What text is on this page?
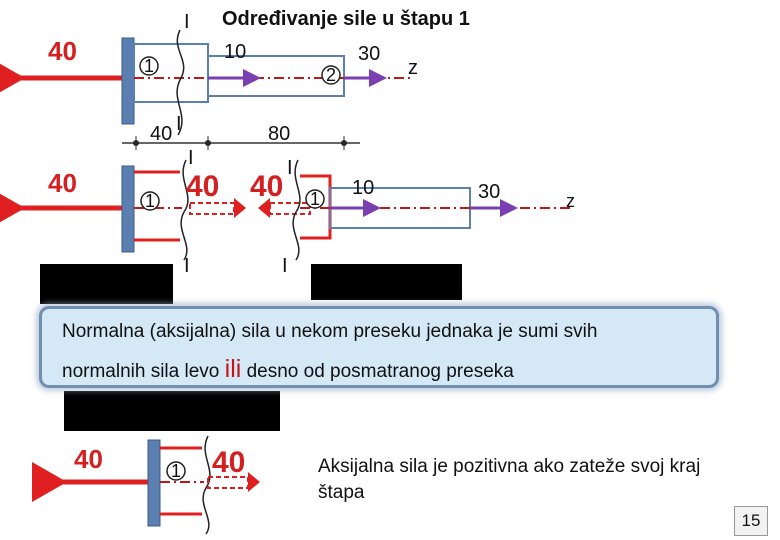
Određivanje sile u štapu 1
40
I
1	2
10	30
z
40 I	80
40
I
I
1 40 40
I
I
1 10	30	z
Normalna (aksijalna) sila u nekom preseku jednaka je sumi svih
normalnih sila levo ili desno od posmatranog preseka
40	1 40	Aksijalna sila je pozitivna ako zateže svoj kraj štapa
15
